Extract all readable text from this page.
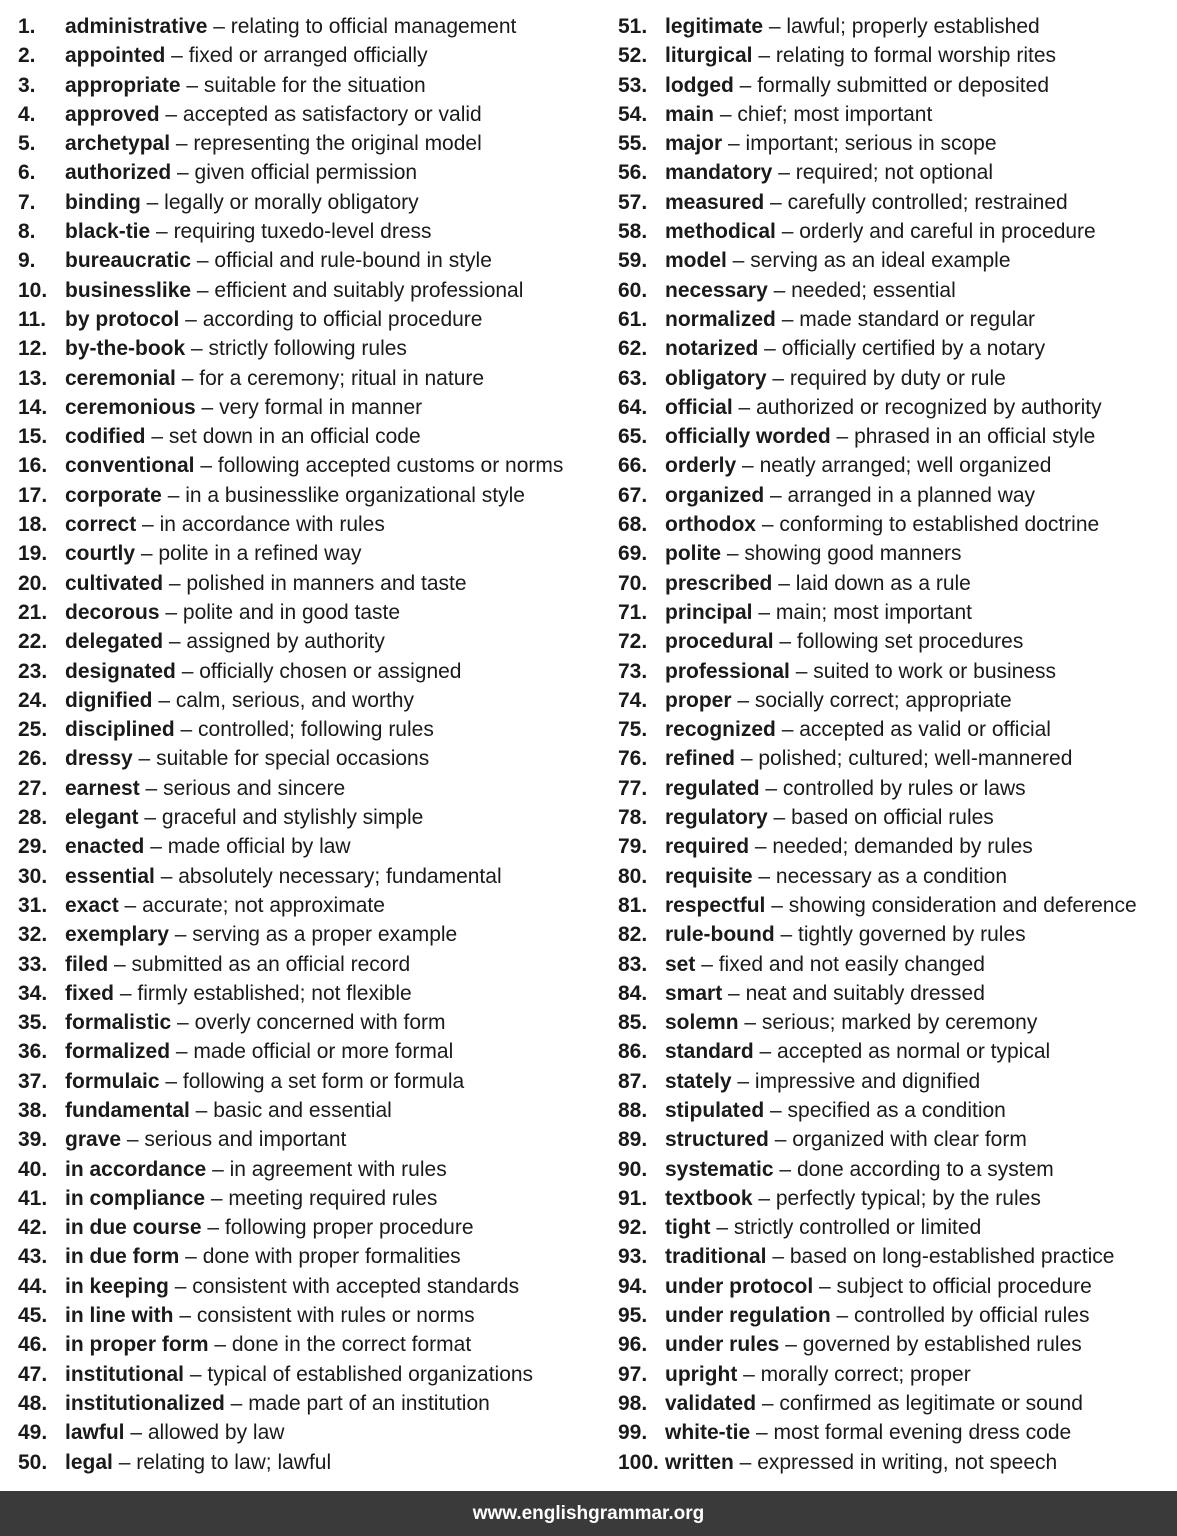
1.	administrative – relating to official management
2.	appointed – fixed or arranged officially
3.	appropriate – suitable for the situation
4.	approved – accepted as satisfactory or valid
5.	archetypal – representing the original model
6.	authorized – given official permission
7.	binding – legally or morally obligatory
8.	black-tie – requiring tuxedo-level dress
9.	bureaucratic – official and rule-bound in style
10. businesslike – efficient and suitably professional
11. by protocol – according to official procedure
12. by-the-book – strictly following rules
13. ceremonial – for a ceremony; ritual in nature
14. ceremonious – very formal in manner
15. codified – set down in an official code
16. conventional – following accepted customs or norms
17. corporate – in a businesslike organizational style
18. correct – in accordance with rules
19. courtly – polite in a refined way
20. cultivated – polished in manners and taste
21. decorous – polite and in good taste
22. delegated – assigned by authority
23. designated – officially chosen or assigned
24. dignified – calm, serious, and worthy
25. disciplined – controlled; following rules
26. dressy – suitable for special occasions
27. earnest – serious and sincere
28. elegant – graceful and stylishly simple
29. enacted – made official by law
30. essential – absolutely necessary; fundamental
31. exact – accurate; not approximate
32. exemplary – serving as a proper example
33. filed – submitted as an official record
34. fixed – firmly established; not flexible
35. formalistic – overly concerned with form
36. formalized – made official or more formal
37. formulaic – following a set form or formula
38. fundamental – basic and essential
39. grave – serious and important
40. in accordance – in agreement with rules
41. in compliance – meeting required rules
42. in due course – following proper procedure
43. in due form – done with proper formalities
44. in keeping – consistent with accepted standards
45. in line with – consistent with rules or norms
46. in proper form – done in the correct format
47. institutional – typical of established organizations
48. institutionalized – made part of an institution
49. lawful – allowed by law
50. legal – relating to law; lawful
51. legitimate – lawful; properly established
52. liturgical – relating to formal worship rites
53. lodged – formally submitted or deposited
54. main – chief; most important
55. major – important; serious in scope
56. mandatory – required; not optional
57. measured – carefully controlled; restrained
58. methodical – orderly and careful in procedure
59. model – serving as an ideal example
60. necessary – needed; essential
61. normalized – made standard or regular
62. notarized – officially certified by a notary
63. obligatory – required by duty or rule
64. official – authorized or recognized by authority
65. officially worded – phrased in an official style
66. orderly – neatly arranged; well organized
67. organized – arranged in a planned way
68. orthodox – conforming to established doctrine
69. polite – showing good manners
70. prescribed – laid down as a rule
71. principal – main; most important
72. procedural – following set procedures
73. professional – suited to work or business
74. proper – socially correct; appropriate
75. recognized – accepted as valid or official
76. refined – polished; cultured; well-mannered
77. regulated – controlled by rules or laws
78. regulatory – based on official rules
79. required – needed; demanded by rules
80. requisite – necessary as a condition
81. respectful – showing consideration and deference
82. rule-bound – tightly governed by rules
83. set – fixed and not easily changed
84. smart – neat and suitably dressed
85. solemn – serious; marked by ceremony
86. standard – accepted as normal or typical
87. stately – impressive and dignified
88. stipulated – specified as a condition
89. structured – organized with clear form
90. systematic – done according to a system
91. textbook – perfectly typical; by the rules
92. tight – strictly controlled or limited
93. traditional – based on long-established practice
94. under protocol – subject to official procedure
95. under regulation – controlled by official rules
96. under rules – governed by established rules
97. upright – morally correct; proper
98. validated – confirmed as legitimate or sound
99. white-tie – most formal evening dress code
100. written – expressed in writing, not speech
www.englishgrammar.org
